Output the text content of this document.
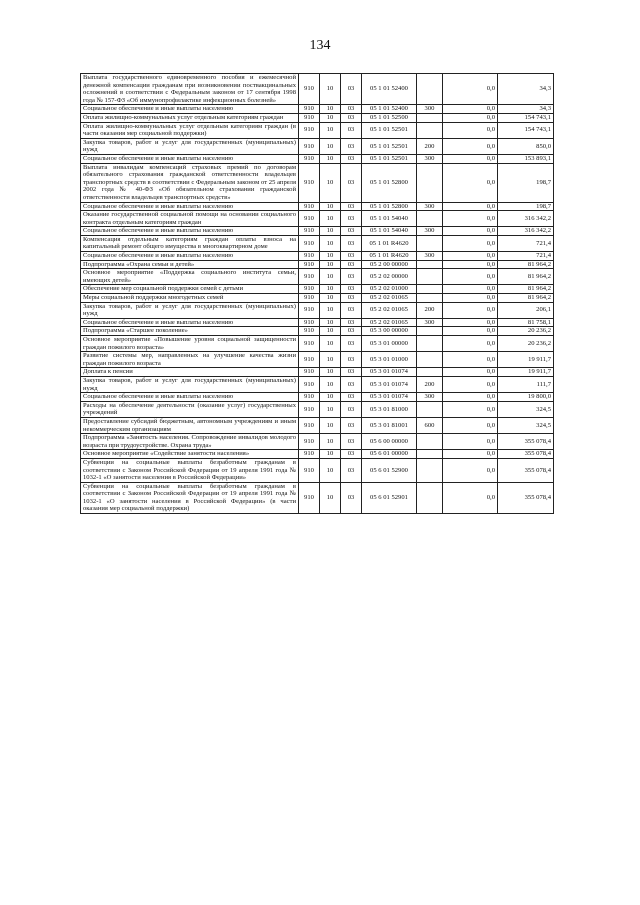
134
Выплата государственного единовременного пособия и ежемесячной денежной компенсации гражданам при возникновении поствакцинальных осложнений в соответствии с Федеральным законом от 17 сентября 1998 года № 157-ФЗ «Об иммунопрофилактике инфекционных болезней»	910	10	03	05 1 01 52400		0,0	34,3
Социальное обеспечение и иные выплаты населению	910	10	03	05 1 01 52400	300	0,0	34,3
Оплата жилищно-коммунальных услуг отдельным категориям граждан	910	10	03	05 1 01 52500		0,0	154 743,1
Оплата жилищно-коммунальных услуг отдельным категориям граждан (в части оказания мер социальной поддержки)	910	10	03	05 1 01 52501		0,0	154 743,1
Закупка товаров, работ и услуг для государственных (муниципальных) нужд	910	10	03	05 1 01 52501	200	0,0	850,0
Социальное обеспечение и иные выплаты населению	910	10	03	05 1 01 52501	300	0,0	153 893,1
Выплата инвалидам компенсаций страховых премий по договорам обязательного страхования гражданской ответственности владельцев транспортных средств в соответствии с Федеральным законом от 25 апреля 2002 года № 40-ФЗ «Об обязательном страховании гражданской ответственности владельцев транспортных средств»	910	10	03	05 1 01 52800		0,0	198,7
Социальное обеспечение и иные выплаты населению	910	10	03	05 1 01 52800	300	0,0	198,7
Оказание государственной социальной помощи на основании социального контракта отдельным категориям граждан	910	10	03	05 1 01 54040		0,0	316 342,2
Социальное обеспечение и иные выплаты населению	910	10	03	05 1 01 54040	300	0,0	316 342,2
Компенсация отдельным категориям граждан оплаты взноса на капитальный ремонт общего имущества в многоквартирном доме	910	10	03	05 1 01 R4620		0,0	721,4
Социальное обеспечение и иные выплаты населению	910	10	03	05 1 01 R4620	300	0,0	721,4
Подпрограмма «Охрана семьи и детей»	910	10	03	05 2 00 00000		0,0	81 964,2
Основное мероприятие «Поддержка социального института семьи, имеющих детей»	910	10	03	05 2 02 00000		0,0	81 964,2
Обеспечение мер социальной поддержки семей с детьми	910	10	03	05 2 02 01000		0,0	81 964,2
Меры социальной поддержки многодетных семей	910	10	03	05 2 02 01065		0,0	81 964,2
Закупка товаров, работ и услуг для государственных (муниципальных) нужд	910	10	03	05 2 02 01065	200	0,0	206,1
Социальное обеспечение и иные выплаты населению	910	10	03	05 2 02 01065	300	0,0	81 758,1
Подпрограмма «Старшее поколение»	910	10	03	05 3 00 00000		0,0	20 236,2
Основное мероприятие «Повышение уровня социальной защищенности граждан пожилого возраста»	910	10	03	05 3 01 00000		0,0	20 236,2
Развитие системы мер, направленных на улучшение качества жизни граждан пожилого возраста	910	10	03	05 3 01 01000		0,0	19 911,7
Доплата к пенсии	910	10	03	05 3 01 01074		0,0	19 911,7
Закупка товаров, работ и услуг для государственных (муниципальных) нужд	910	10	03	05 3 01 01074	200	0,0	111,7
Социальное обеспечение и иные выплаты населению	910	10	03	05 3 01 01074	300	0,0	19 800,0
Расходы на обеспечение деятельности (оказание услуг) государственных учреждений	910	10	03	05 3 01 81000		0,0	324,5
Предоставление субсидий бюджетным, автономным учреждениям и иным некоммерческим организациям	910	10	03	05 3 01 81001	600	0,0	324,5
Подпрограмма «Занятость населения. Сопровождение инвалидов молодого возраста при трудоустройстве. Охрана труда»	910	10	03	05 6 00 00000		0,0	355 078,4
Основное мероприятие «Содействие занятости населения»	910	10	03	05 6 01 00000		0,0	355 078,4
Субвенции на социальные выплаты безработным гражданам в соответствии с Законом Российской Федерации от 19 апреля 1991 года № 1032-1 «О занятости населения в Российской Федерации»	910	10	03	05 6 01 52900		0,0	355 078,4
Субвенции на социальные выплаты безработным гражданам в соответствии с Законом Российской Федерации от 19 апреля 1991 года № 1032-1 «О занятости населения в Российской Федерации» (в части оказания мер социальной поддержки)	910	10	03	05 6 01 52901		0,0	355 078,4
